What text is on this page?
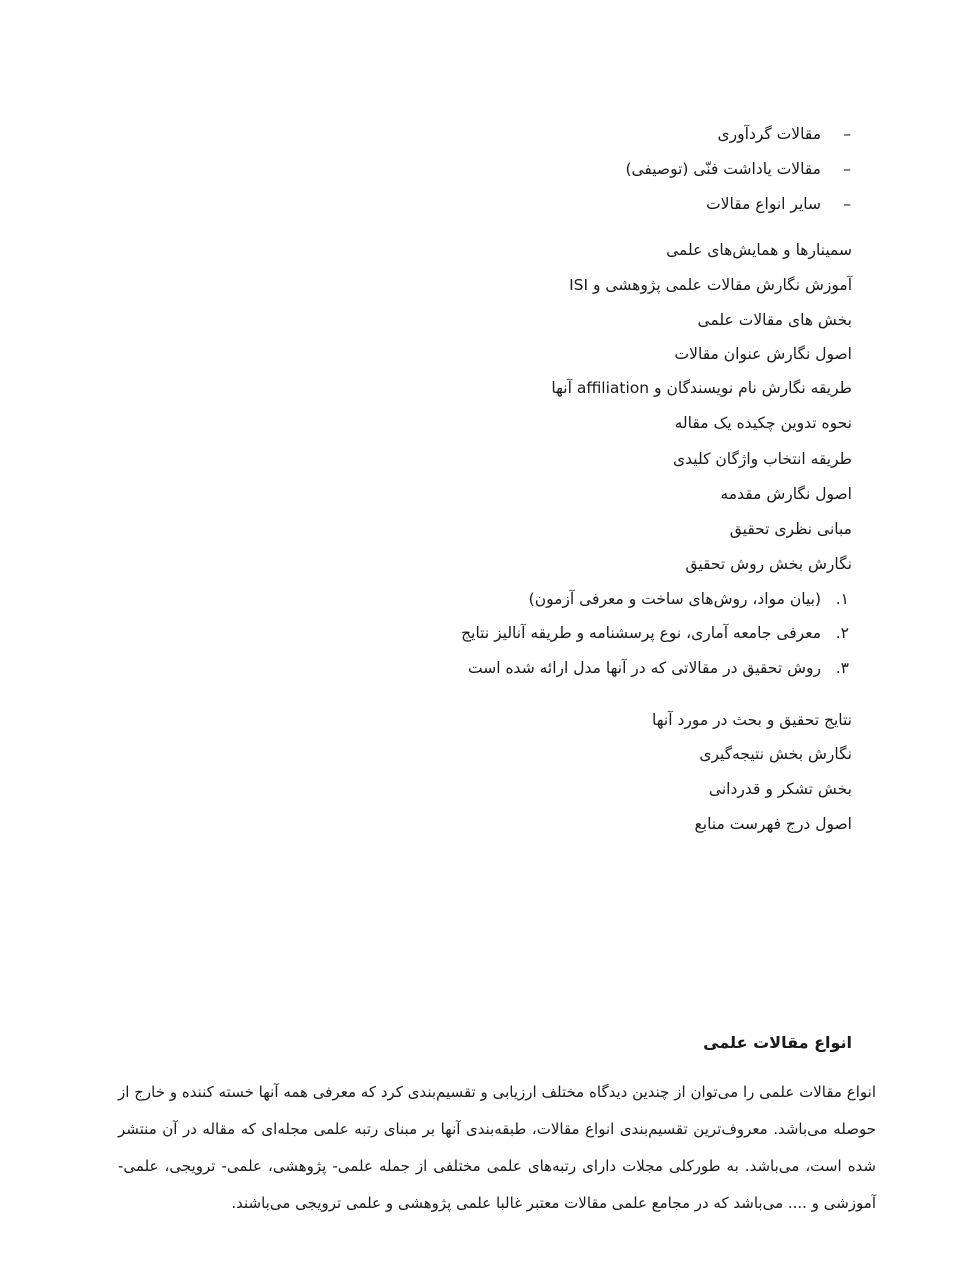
–
مقالات گردآوری
–
مقالات یاداشت فنّی (توصیفی)
–
سایر انواع مقالات
سمینارها و همایش‌های علمی
آموزش نگارش مقالات علمی پژوهشی و ISI
بخش های مقالات علمی
اصول نگارش عنوان مقالات
طریقه نگارش نام نویسندگان و affiliation آنها
نحوه تدوین چکیده یک مقاله
طریقه انتخاب واژگان کلیدی
اصول نگارش مقدمه
مبانی نظری تحقیق
نگارش بخش روش تحقیق
۱.
(بیان مواد، روش‌های ساخت و معرفی آزمون)
۲.
معرفی جامعه آماری، نوع پرسشنامه و طریقه آنالیز نتایج
۳.
روش تحقیق در مقالاتی که در آنها مدل ارائه شده است
نتایج تحقیق و بحث در مورد آنها
نگارش بخش نتیجه‌گیری
بخش تشکر و قدردانی
اصول درج فهرست منابع
انواع مقالات علمی
انواع مقالات علمی را می‌توان از چندین دیدگاه مختلف ارزیابی و تقسیم‌بندی کرد که معرفی همه آنها خسته کننده و خارج از حوصله می‌باشد. معروف‌ترین تقسیم‌بندی انواع مقالات، طبقه‌بندی آنها بر مبنای رتبه علمی مجله‌ای که مقاله در آن منتشر شده است، می‌باشد. به طورکلی مجلات دارای رتبه‌های علمی مختلفی از جمله علمی- پژوهشی، علمی- ترویجی، علمی- آموزشی و .... می‌باشد که در مجامع علمی مقالات معتبر غالبا علمی پژوهشی و علمی ترویجی می‌باشند.
